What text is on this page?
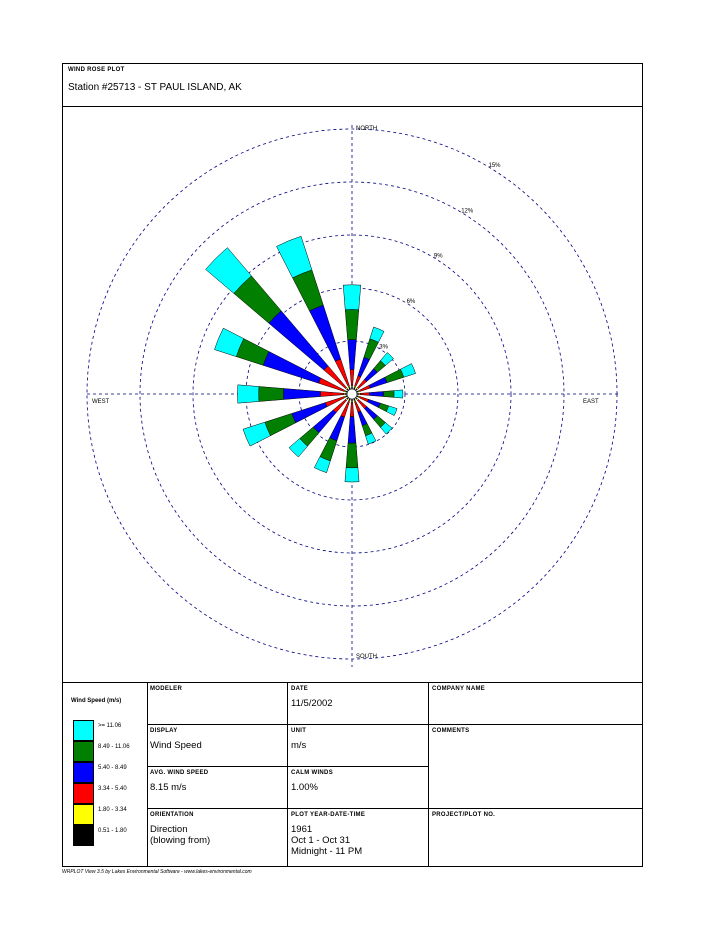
WIND ROSE PLOT
Station #25713 - ST PAUL ISLAND, AK
NORTH
SOUTH
EAST
WEST
3%
6%
9%
12%
15%
Wind Speed (m/s)
>= 11.06
8.49 - 11.06
5.40 - 8.49
3.34 - 5.40
1.80 - 3.34
0.51 - 1.80
MODELER	DATE
11/5/2002
COMPANY NAME
DISPLAY
Wind Speed
UNIT
m/s
COMMENTS
AVG. WIND SPEED
8.15 m/s
CALM WINDS
1.00%
ORIENTATION
Direction
(blowing from)
PLOT YEAR-DATE-TIME
1961
Oct 1 - Oct 31
Midnight - 11 PM
PROJECT/PLOT NO.
WRPLOT View 3.5 by Lakes Environmental Software - www.lakes-environmental.com
